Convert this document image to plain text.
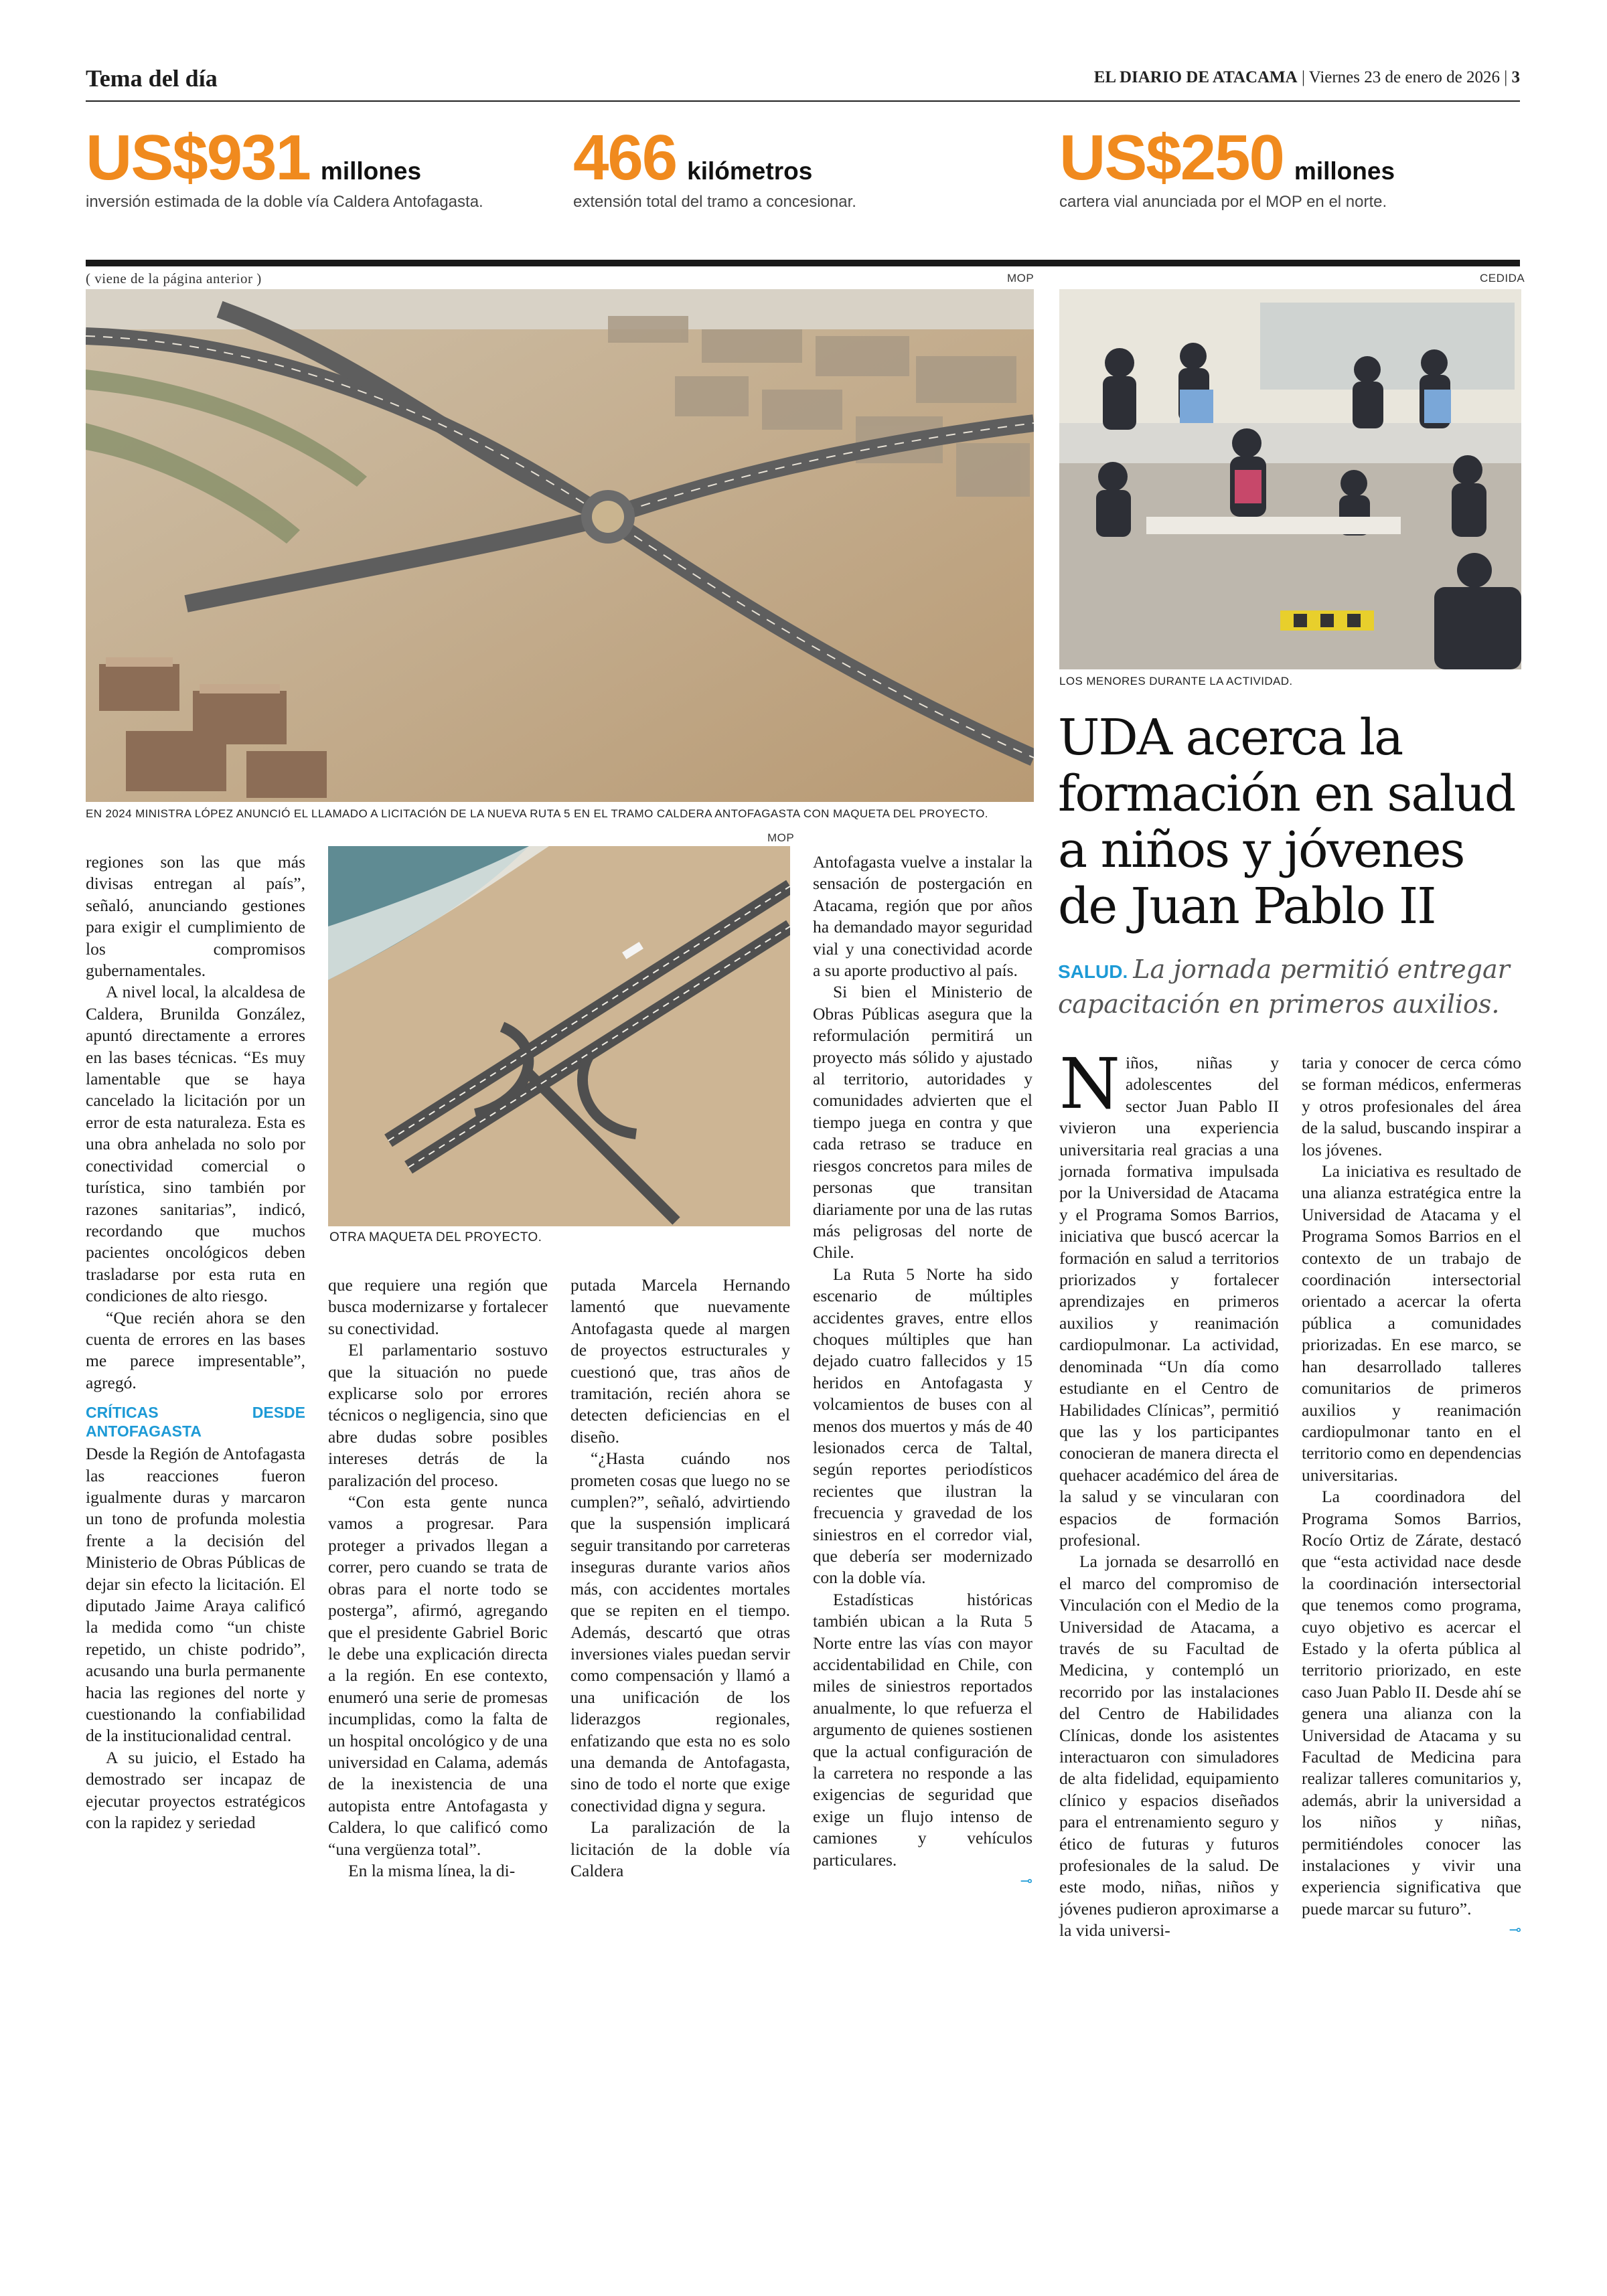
Tema del día	EL DIARIO DE ATACAMA | Viernes 23 de enero de 2026 | 3
US$931 millones
inversión estimada de la doble vía Caldera Antofagasta.
466 kilómetros
extensión total del tramo a concesionar.
US$250 millones
cartera vial anunciada por el MOP en el norte.
( viene de la página anterior )	MOP	CEDIDA
EN 2024 MINISTRA LÓPEZ ANUNCIÓ EL LLAMADO A LICITACIÓN DE LA NUEVA RUTA 5 EN EL TRAMO CALDERA ANTOFAGASTA CON MAQUETA DEL PROYECTO.
LOS MENORES DURANTE LA ACTIVIDAD.
UDA acerca la formación en salud a niños y jóvenes de Juan Pablo II
SALUD. La jornada permitió entregar capacitación en primeros auxilios.

regiones son las que más divisas entregan al país”, señaló, anunciando gestiones para exigir el cumplimiento de los compromisos gubernamentales.

A nivel local, la alcaldesa de Caldera, Brunilda González, apuntó directamente a errores en las bases técnicas. “Es muy lamentable que se haya cancelado la licitación por un error de esta naturaleza. Esta es una obra anhelada no solo por conectividad comercial o turística, sino también por razones sanitarias”, indicó, recordando que muchos pacientes oncológicos deben trasladarse por esta ruta en condiciones de alto riesgo.

“Que recién ahora se den cuenta de errores en las bases me parece impresentable”, agregó.

CRÍTICAS DESDE ANTOFAGASTA

Desde la Región de Antofagasta las reacciones fueron igualmente duras y marcaron un tono de profunda molestia frente a la decisión del Ministerio de Obras Públicas de dejar sin efecto la licitación. El diputado Jaime Araya calificó la medida como “un chiste repetido, un chiste podrido”, acusando una burla permanente hacia las regiones del norte y cuestionando la confiabilidad de la institucionalidad central.

A su juicio, el Estado ha demostrado ser incapaz de ejecutar proyectos estratégicos con la rapidez y seriedad

MOP
OTRA MAQUETA DEL PROYECTO.

que requiere una región que busca modernizarse y fortalecer su conectividad.

El parlamentario sostuvo que la situación no puede explicarse solo por errores técnicos o negligencia, sino que abre dudas sobre posibles intereses detrás de la paralización del proceso.

“Con esta gente nunca vamos a progresar. Para proteger a privados llegan a correr, pero cuando se trata de obras para el norte todo se posterga”, afirmó, agregando que el presidente Gabriel Boric le debe una explicación directa a la región. En ese contexto, enumeró una serie de promesas incumplidas, como la falta de un hospital oncológico y de una universidad en Calama, además de la inexistencia de una autopista entre Antofagasta y Caldera, lo que calificó como “una vergüenza total”.

En la misma línea, la di-

putada Marcela Hernando lamentó que nuevamente Antofagasta quede al margen de proyectos estructurales y cuestionó que, tras años de tramitación, recién ahora se detecten deficiencias en el diseño.

“¿Hasta cuándo nos prometen cosas que luego no se cumplen?”, señaló, advirtiendo que la suspensión implicará seguir transitando por carreteras inseguras durante varios años más, con accidentes mortales que se repiten en el tiempo. Además, descartó que otras inversiones viales puedan servir como compensación y llamó a una unificación de los liderazgos regionales, enfatizando que esta no es solo una demanda de Antofagasta, sino de todo el norte que exige conectividad digna y segura.

La paralización de la licitación de la doble vía Caldera

Antofagasta vuelve a instalar la sensación de postergación en Atacama, región que por años ha demandado mayor seguridad vial y una conectividad acorde a su aporte productivo al país.

Si bien el Ministerio de Obras Públicas asegura que la reformulación permitirá un proyecto más sólido y ajustado al territorio, autoridades y comunidades advierten que el tiempo juega en contra y que cada retraso se traduce en riesgos concretos para miles de personas que transitan diariamente por una de las rutas más peligrosas del norte de Chile.

La Ruta 5 Norte ha sido escenario de múltiples accidentes graves, entre ellos choques múltiples que han dejado cuatro fallecidos y 15 heridos en Antofagasta y volcamientos de buses con al menos dos muertos y más de 40 lesionados cerca de Taltal, según reportes periodísticos recientes que ilustran la frecuencia y gravedad de los siniestros en el corredor vial, que debería ser modernizado con la doble vía.

Estadísticas históricas también ubican a la Ruta 5 Norte entre las vías con mayor accidentabilidad en Chile, con miles de siniestros reportados anualmente, lo que refuerza el argumento de quienes sostienen que la actual configuración de la carretera no responde a las exigencias de seguridad que exige un flujo intenso de camiones y vehículos particulares.

⊸
N iños, niñas y adolescentes del sector Juan Pablo II vivieron una experiencia universitaria real gracias a una jornada formativa impulsada por la Universidad de Atacama y el Programa Somos Barrios, iniciativa que buscó acercar la formación en salud a territorios priorizados y fortalecer aprendizajes en primeros auxilios y reanimación cardiopulmonar. La actividad, denominada “Un día como estudiante en el Centro de Habilidades Clínicas”, permitió que las y los participantes conocieran de manera directa el quehacer académico del área de la salud y se vincularan con espacios de formación profesional.

La jornada se desarrolló en el marco del compromiso de Vinculación con el Medio de la Universidad de Atacama, a través de su Facultad de Medicina, y contempló un recorrido por las instalaciones del Centro de Habilidades Clínicas, donde los asistentes interactuaron con simuladores de alta fidelidad, equipamiento clínico y espacios diseñados para el entrenamiento seguro y ético de futuras y futuros profesionales de la salud. De este modo, niñas, niños y jóvenes pudieron aproximarse a la vida universi-

taria y conocer de cerca cómo se forman médicos, enfermeras y otros profesionales del área de la salud, buscando inspirar a los jóvenes.

La iniciativa es resultado de una alianza estratégica entre la Universidad de Atacama y el Programa Somos Barrios en el contexto de un trabajo de coordinación intersectorial orientado a acercar la oferta pública a comunidades priorizadas. En ese marco, se han desarrollado talleres comunitarios de primeros auxilios y reanimación cardiopulmonar tanto en el territorio como en dependencias universitarias.

La coordinadora del Programa Somos Barrios, Rocío Ortiz de Zárate, destacó que “esta actividad nace desde la coordinación intersectorial que tenemos como programa, cuyo objetivo es acercar el Estado y la oferta pública al territorio priorizado, en este caso Juan Pablo II. Desde ahí se genera una alianza con la Universidad de Atacama y su Facultad de Medicina para realizar talleres comunitarios y, además, abrir la universidad a los niños y niñas, permitiéndoles conocer las instalaciones y vivir una experiencia significativa que puede marcar su futuro”.

⊸
